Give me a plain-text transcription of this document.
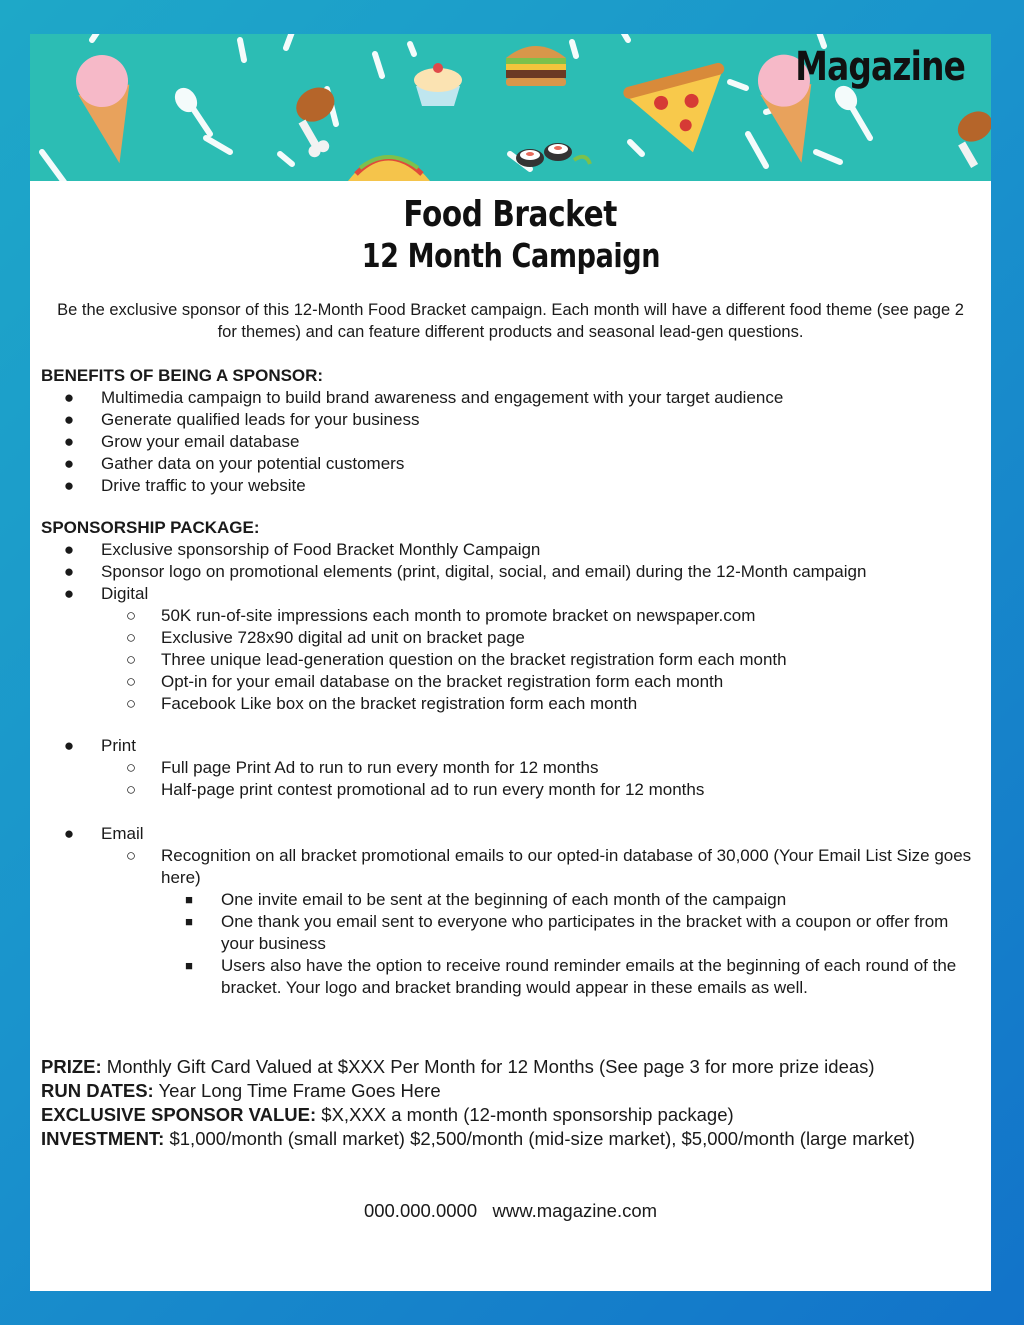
Magazine
Food Bracket
12 Month Campaign
Be the exclusive sponsor of this 12-Month Food Bracket campaign. Each month will have a different food theme (see page 2 for themes) and can feature different products and seasonal lead-gen questions.
BENEFITS OF BEING A SPONSOR:
● Multimedia campaign to build brand awareness and engagement with your target audience
● Generate qualified leads for your business
● Grow your email database
● Gather data on your potential customers
● Drive traffic to your website
SPONSORSHIP PACKAGE:
● Exclusive sponsorship of Food Bracket Monthly Campaign
● Sponsor logo on promotional elements (print, digital, social, and email) during the 12-Month campaign
● Digital
○ 50K run-of-site impressions each month to promote bracket on newspaper.com
○ Exclusive 728x90 digital ad unit on bracket page
○ Three unique lead-generation question on the bracket registration form each month
○ Opt-in for your email database on the bracket registration form each month
○ Facebook Like box on the bracket registration form each month
● Print
○ Full page Print Ad to run to run every month for 12 months
○ Half-page print contest promotional ad to run every month for 12 months
● Email
○ Recognition on all bracket promotional emails to our opted-in database of 30,000 (Your Email List Size goes here)
■	One invite email to be sent at the beginning of each month of the campaign
■	One thank you email sent to everyone who participates in the bracket with a coupon or offer from your business
■	Users also have the option to receive round reminder emails at the beginning of each round of the bracket. Your logo and bracket branding would appear in these emails as well.
PRIZE: Monthly Gift Card Valued at $XXX Per Month for 12 Months (See page 3 for more prize ideas)
RUN DATES: Year Long Time Frame Goes Here
EXCLUSIVE SPONSOR VALUE: $X,XXX a month (12-month sponsorship package)
INVESTMENT: $1,000/month (small market) $2,500/month (mid-size market), $5,000/month (large market)
000.000.0000 www.magazine.com
